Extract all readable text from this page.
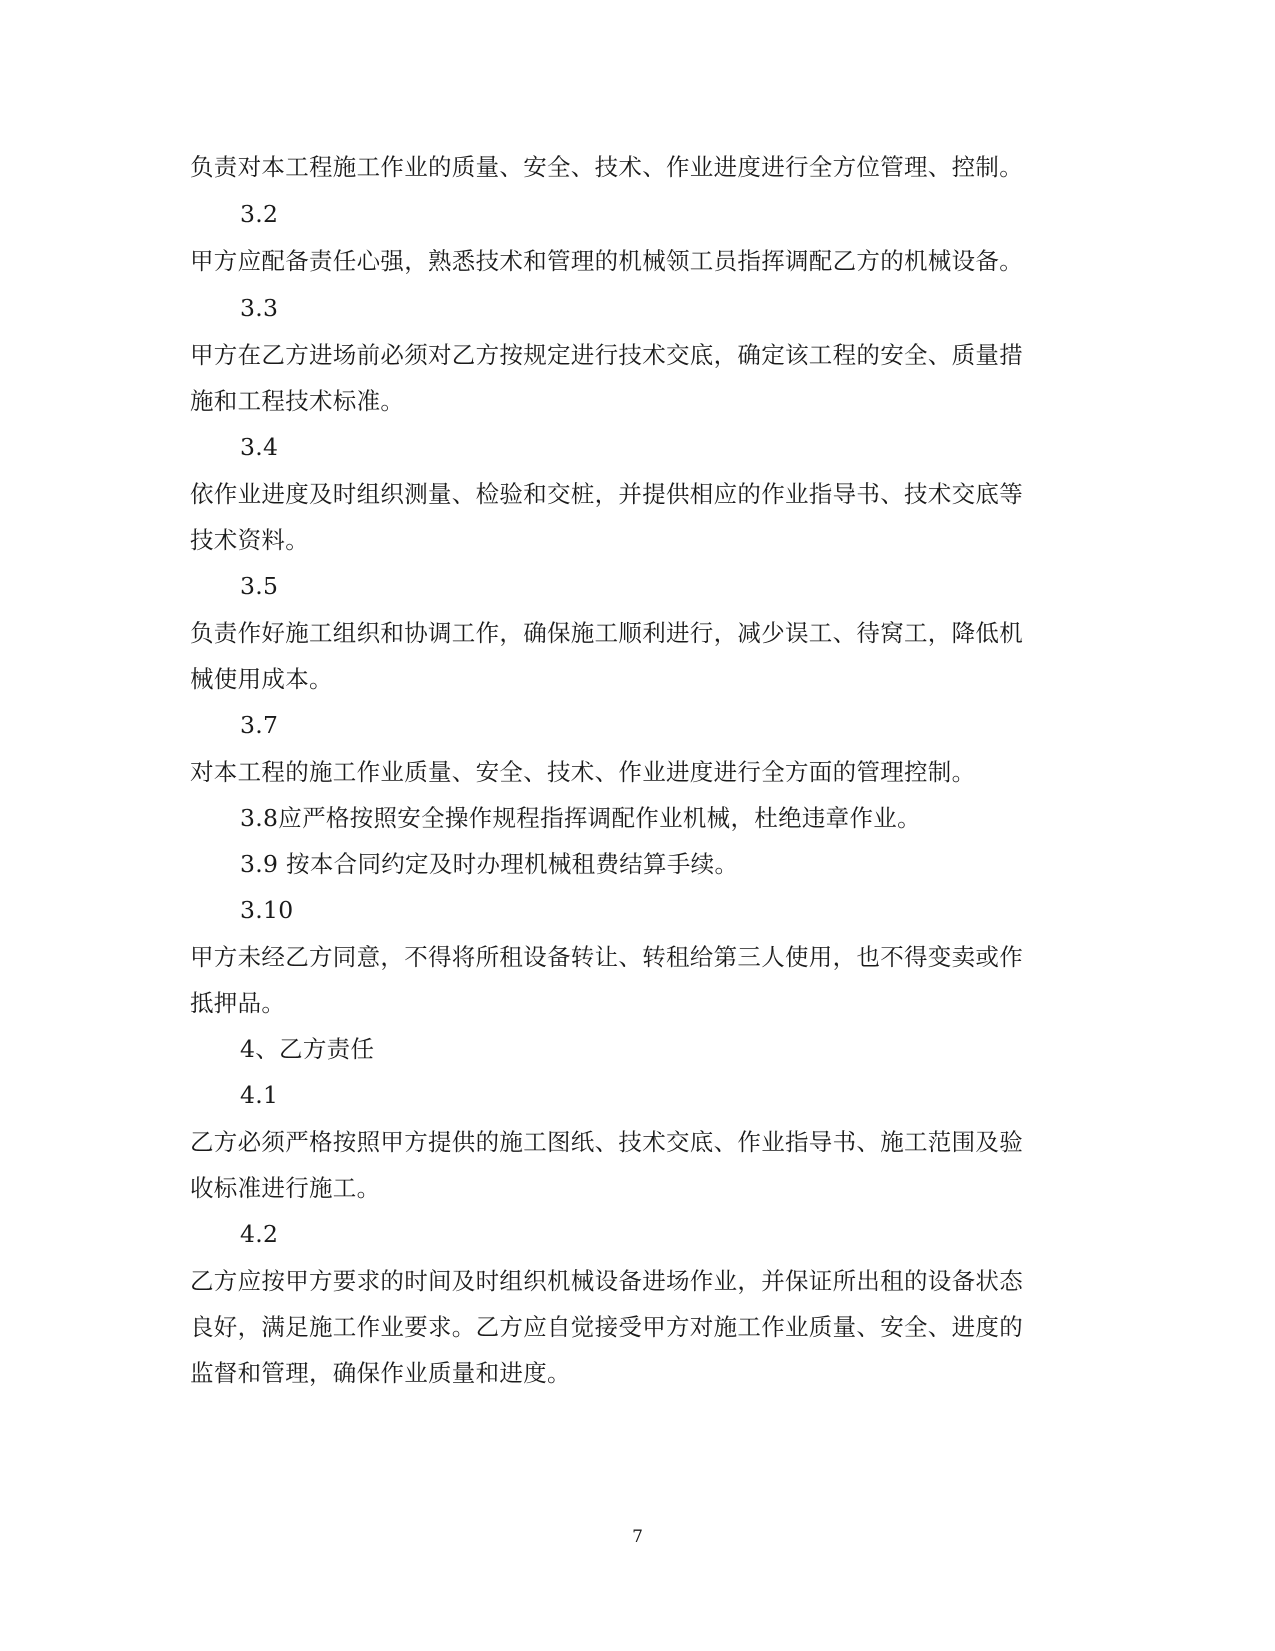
负责对本工程施工作业的质量、安全、技术、作业进度进行全方位管理、控制。
3.2
甲方应配备责任心强，熟悉技术和管理的机械领工员指挥调配乙方的机械设备。
3.3
甲方在乙方进场前必须对乙方按规定进行技术交底，确定该工程的安全、质量措
施和工程技术标准。
3.4
依作业进度及时组织测量、检验和交桩，并提供相应的作业指导书、技术交底等
技术资料。
3.5
负责作好施工组织和协调工作，确保施工顺利进行，减少误工、待窝工，降低机
械使用成本。
3.7
对本工程的施工作业质量、安全、技术、作业进度进行全方面的管理控制。
3.8应严格按照安全操作规程指挥调配作业机械，杜绝违章作业。
3.9 按本合同约定及时办理机械租费结算手续。
3.10
甲方未经乙方同意，不得将所租设备转让、转租给第三人使用，也不得变卖或作
抵押品。
4、乙方责任
4.1
乙方必须严格按照甲方提供的施工图纸、技术交底、作业指导书、施工范围及验
收标准进行施工。
4.2
乙方应按甲方要求的时间及时组织机械设备进场作业，并保证所出租的设备状态
良好，满足施工作业要求。乙方应自觉接受甲方对施工作业质量、安全、进度的
监督和管理，确保作业质量和进度。
7
